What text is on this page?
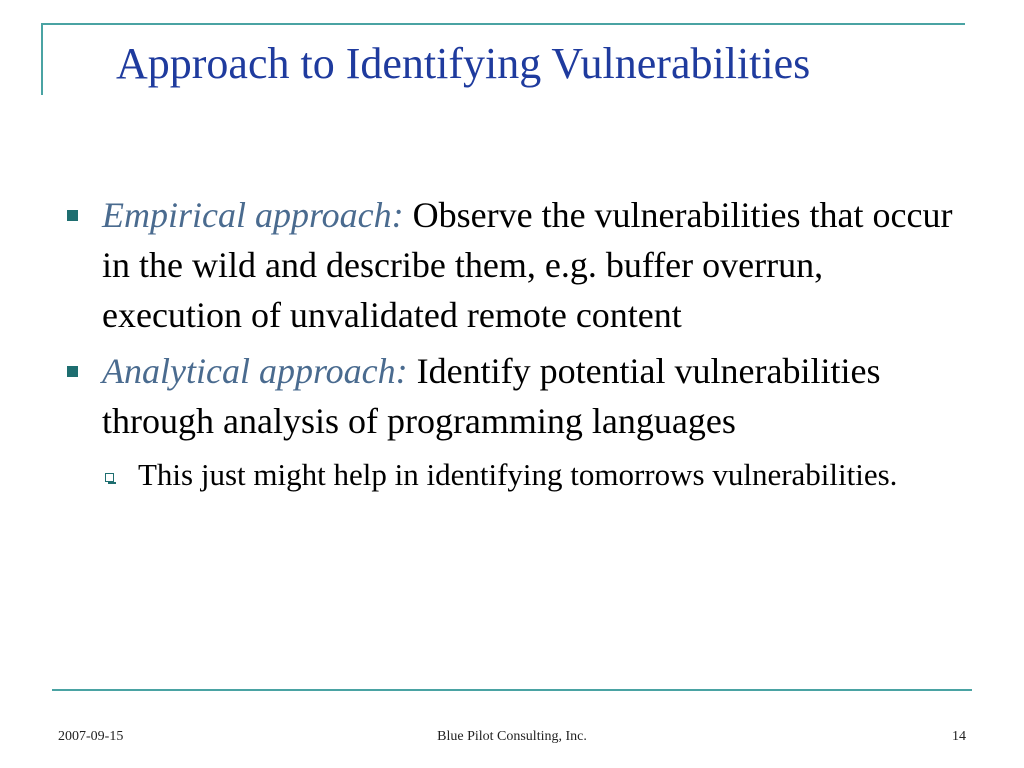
Approach to Identifying Vulnerabilities
Empirical approach: Observe the vulnerabilities that occur in the wild and describe them, e.g. buffer overrun, execution of unvalidated remote content
Analytical approach: Identify potential vulnerabilities through analysis of programming languages
This just might help in identifying tomorrows vulnerabilities.
2007-09-15	Blue Pilot Consulting, Inc.	14
